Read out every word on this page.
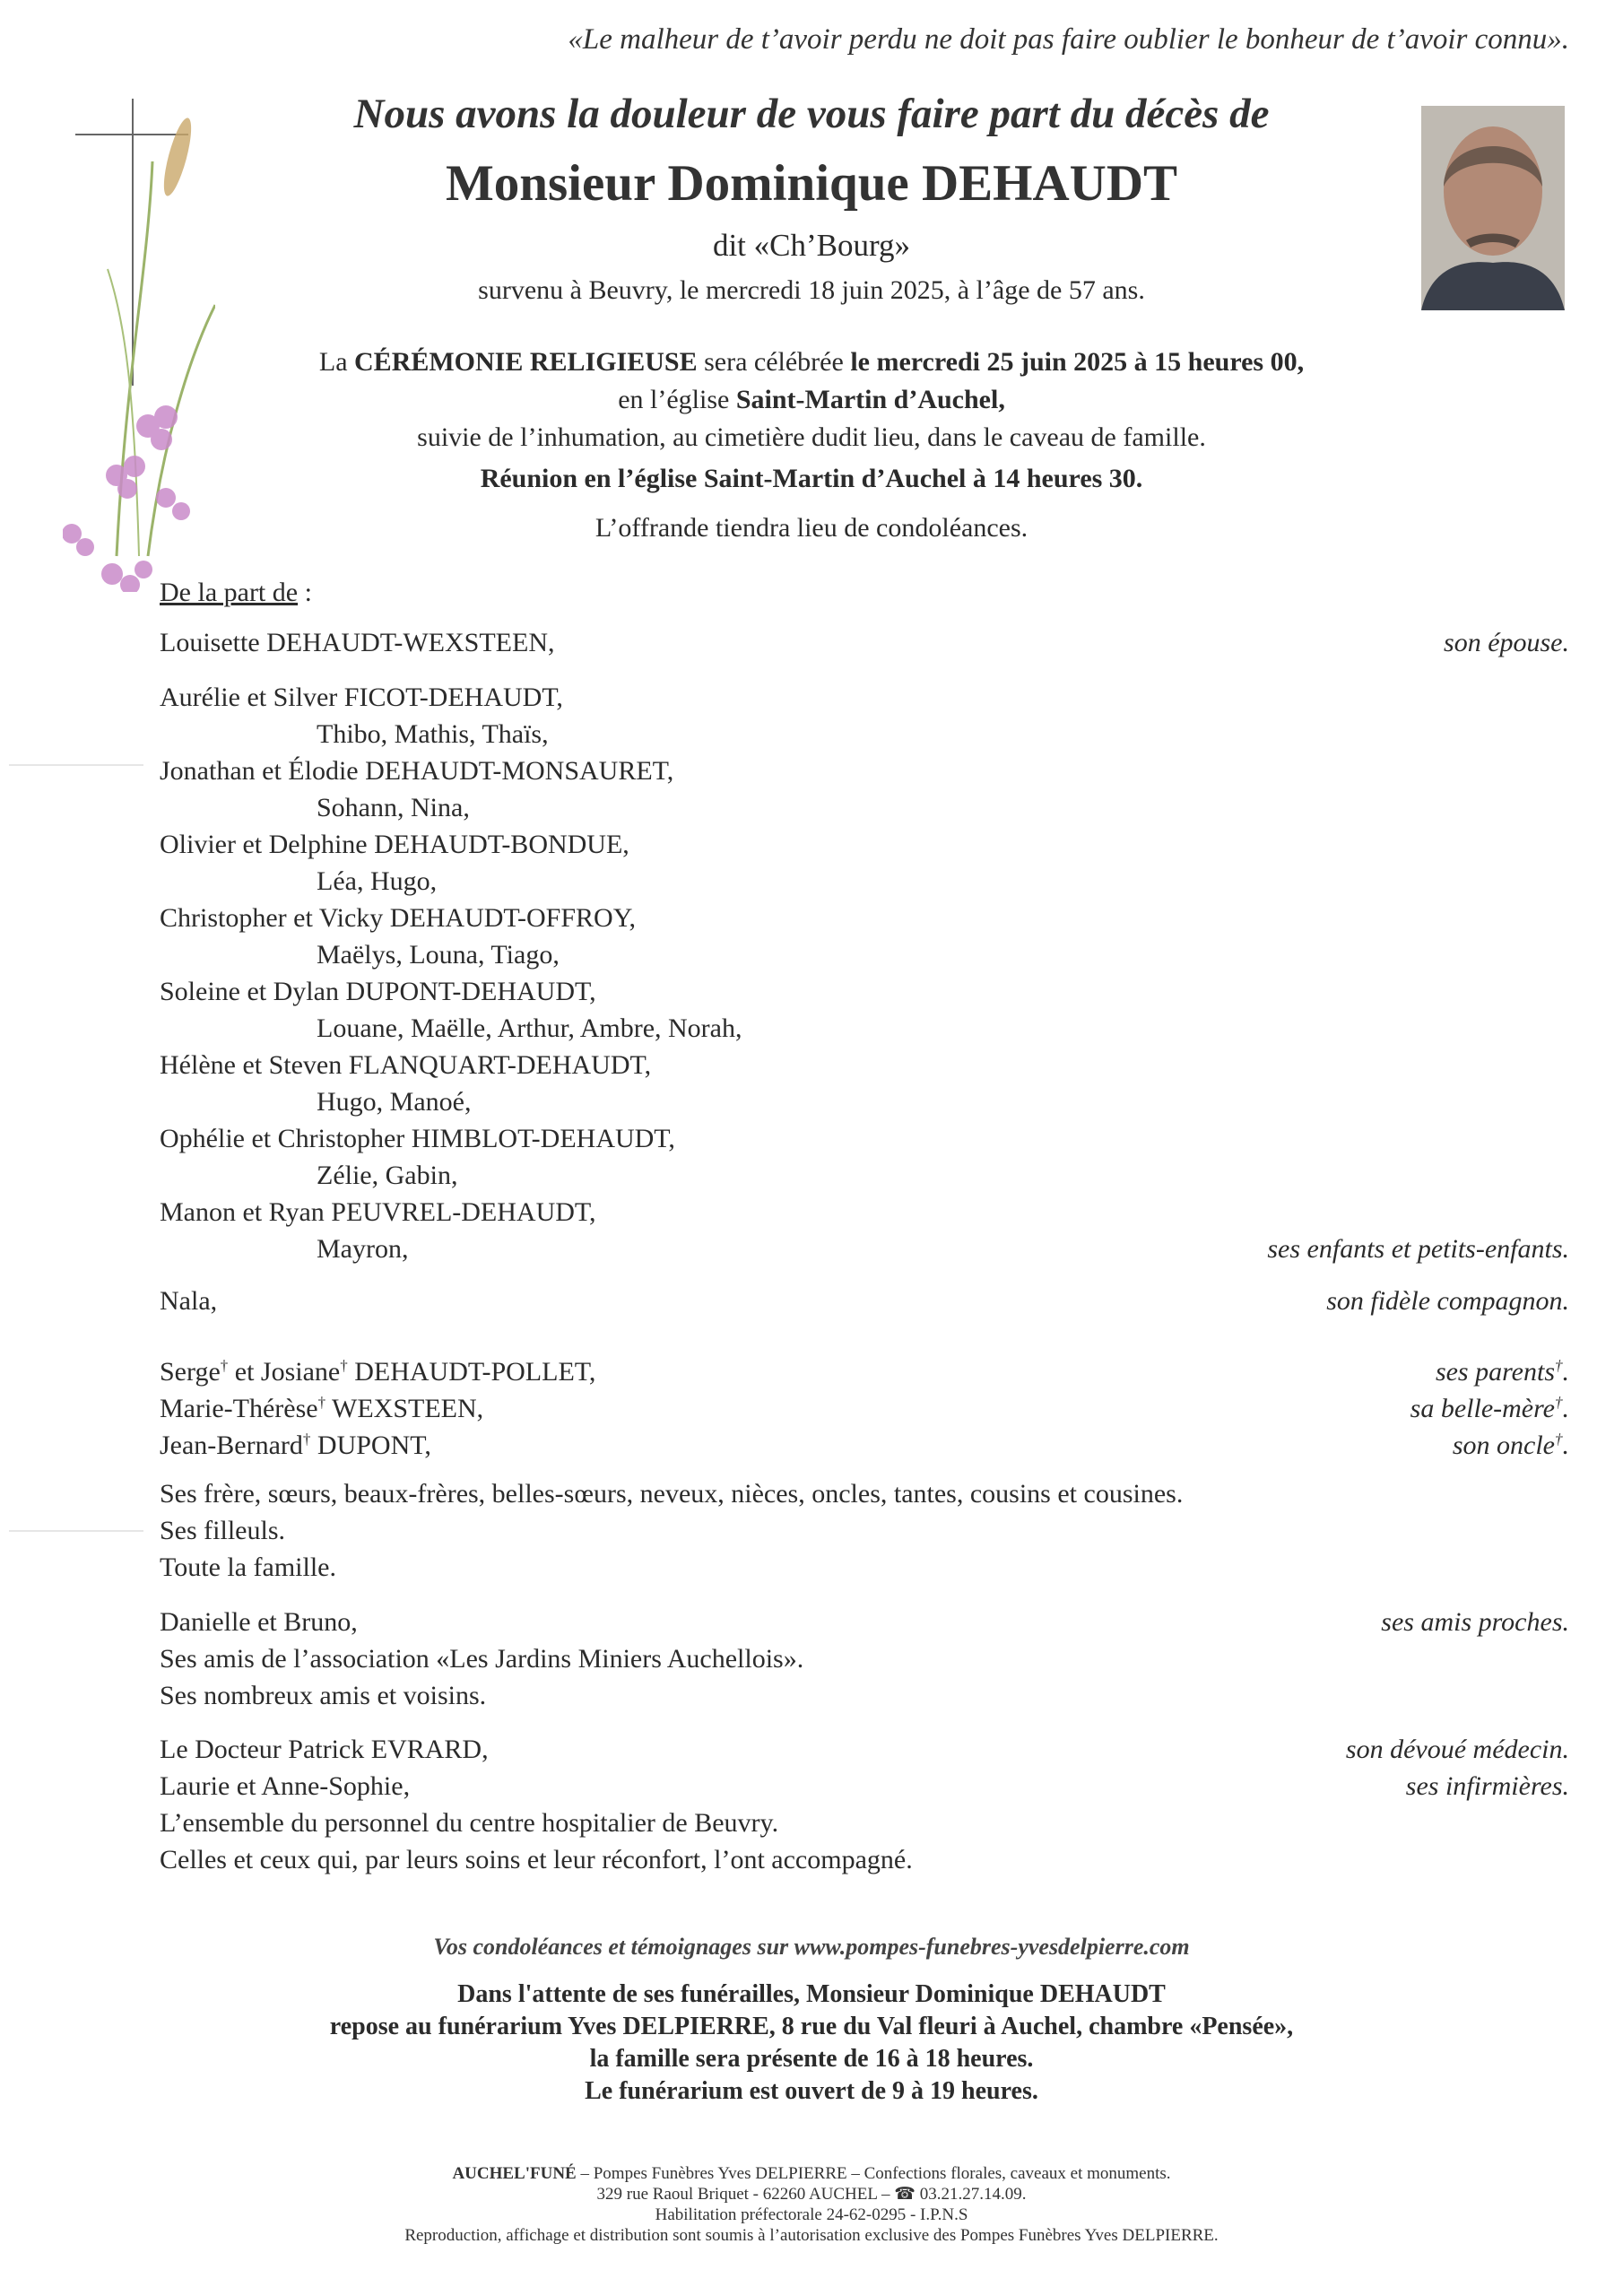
«Le malheur de t’avoir perdu ne doit pas faire oublier le bonheur de t’avoir connu».
Nous avons la douleur de vous faire part du décès de
Monsieur Dominique DEHAUDT
dit «Ch’Bourg»
survenu à Beuvry, le mercredi 18 juin 2025, à l’âge de 57 ans.
La CÉRÉMONIE RELIGIEUSE sera célébrée le mercredi 25 juin 2025 à 15 heures 00,
en l’église Saint-Martin d’Auchel,
suivie de l’inhumation, au cimetière dudit lieu, dans le caveau de famille.
Réunion en l’église Saint-Martin d’Auchel à 14 heures 30.
L’offrande tiendra lieu de condoléances.
De la part de :
Louisette DEHAUDT-WEXSTEEN,	son épouse.
Aurélie et Silver FICOT-DEHAUDT,
Thibo, Mathis, Thaïs,
Jonathan et Élodie DEHAUDT-MONSAURET,
Sohann, Nina,
Olivier et Delphine DEHAUDT-BONDUE,
Léa, Hugo,
Christopher et Vicky DEHAUDT-OFFROY,
Maëlys, Louna, Tiago,
Soleine et Dylan DUPONT-DEHAUDT,
Louane, Maëlle, Arthur, Ambre, Norah,
Hélène et Steven FLANQUART-DEHAUDT,
Hugo, Manoé,
Ophélie et Christopher HIMBLOT-DEHAUDT,
Zélie, Gabin,
Manon et Ryan PEUVREL-DEHAUDT,
Mayron,	ses enfants et petits-enfants.
Nala,	son fidèle compagnon.
Serge† et Josiane† DEHAUDT-POLLET,	ses parents†.
Marie-Thérèse† WEXSTEEN,	sa belle-mère†.
Jean-Bernard† DUPONT,	son oncle†.
Ses frère, sœurs, beaux-frères, belles-sœurs, neveux, nièces, oncles, tantes, cousins et cousines.
Ses filleuls.
Toute la famille.
Danielle et Bruno,	ses amis proches.
Ses amis de l’association «Les Jardins Miniers Auchellois».
Ses nombreux amis et voisins.
Le Docteur Patrick EVRARD,	son dévoué médecin.
Laurie et Anne-Sophie,	ses infirmières.
L’ensemble du personnel du centre hospitalier de Beuvry.
Celles et ceux qui, par leurs soins et leur réconfort, l’ont accompagné.
Vos condoléances et témoignages sur www.pompes-funebres-yvesdelpierre.com
Dans l'attente de ses funérailles, Monsieur Dominique DEHAUDT
repose au funérarium Yves DELPIERRE, 8 rue du Val fleuri à Auchel, chambre «Pensée»,
la famille sera présente de 16 à 18 heures.
Le funérarium est ouvert de 9 à 19 heures.
AUCHEL'FUNÉ – Pompes Funèbres Yves DELPIERRE – Confections florales, caveaux et monuments.
329 rue Raoul Briquet - 62260 AUCHEL – ☎ 03.21.27.14.09.
Habilitation préfectorale 24-62-0295 - I.P.N.S
Reproduction, affichage et distribution sont soumis à l’autorisation exclusive des Pompes Funèbres Yves DELPIERRE.
